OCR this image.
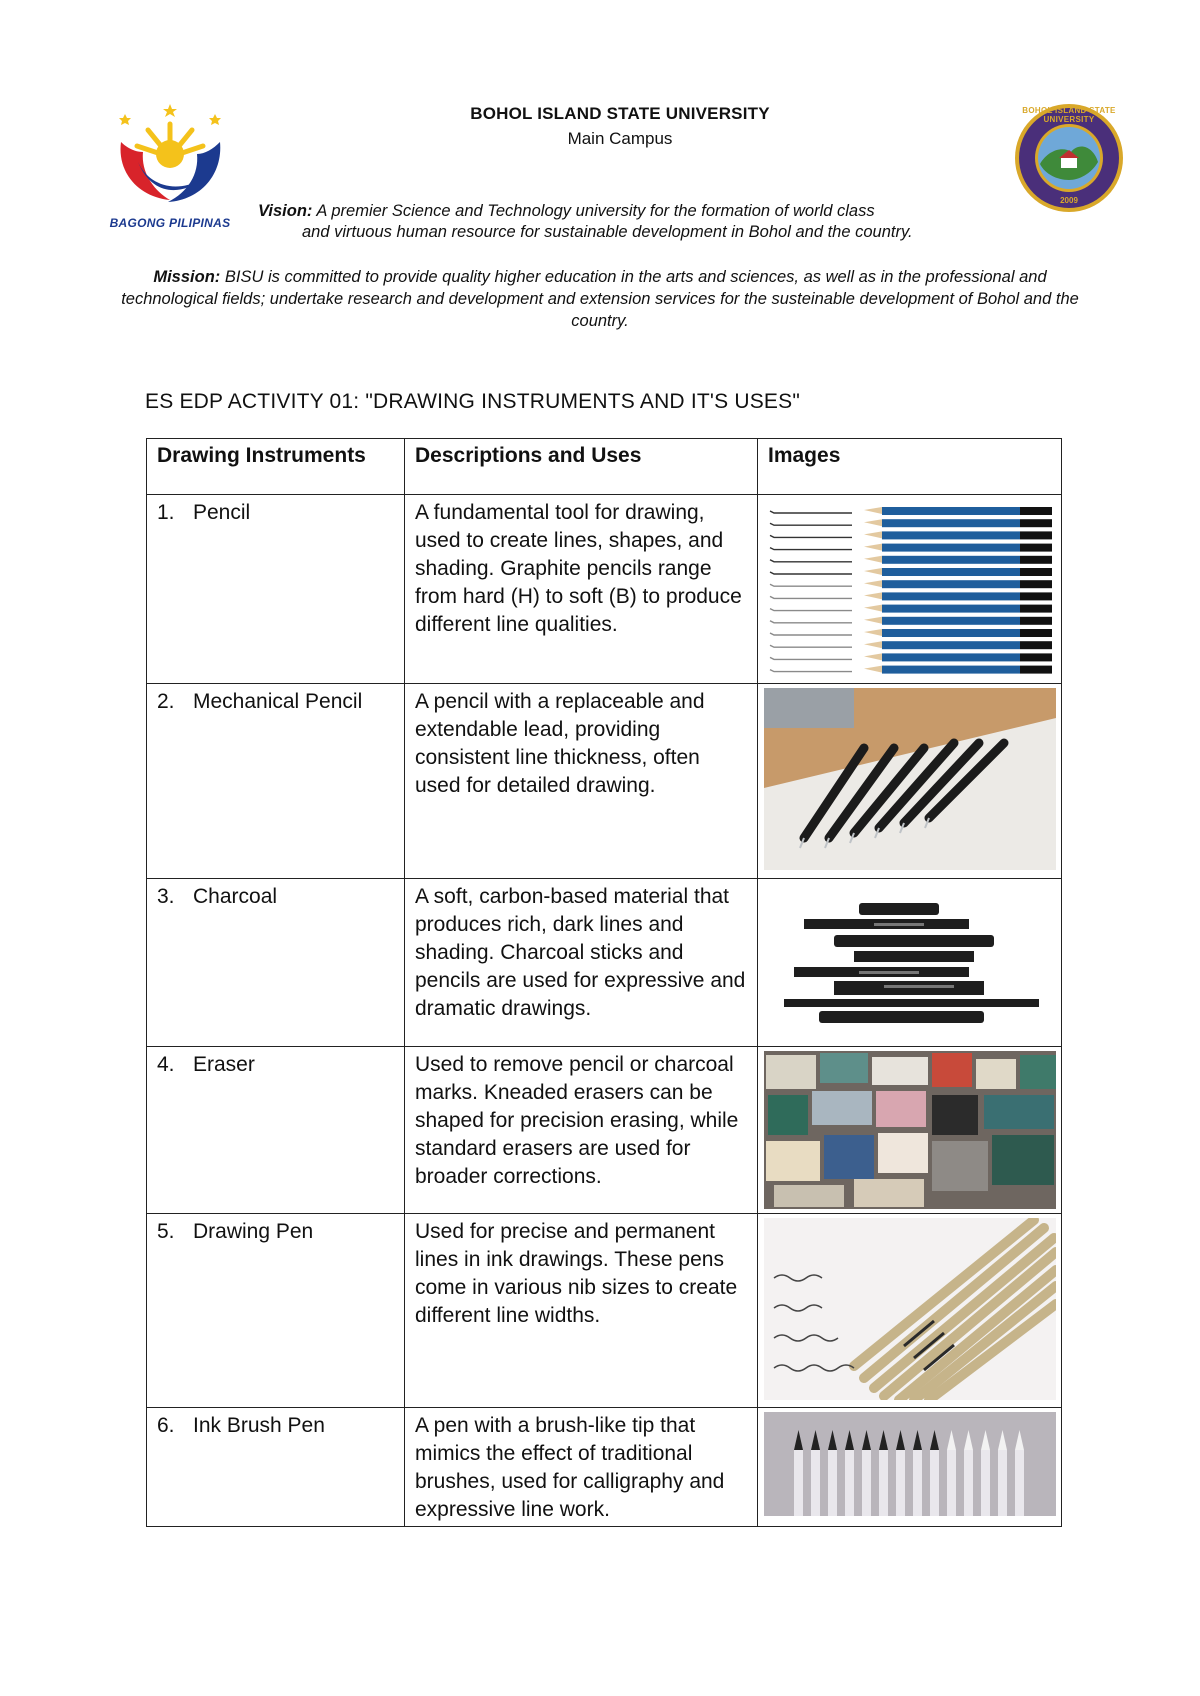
BAGONG PILIPINAS
BOHOL ISLAND STATE UNIVERSITY
Main Campus
BOHOL ISLAND STATE UNIVERSITY
2009
Vision: A premier Science and Technology university for the formation of world class
and virtuous human resource for sustainable development in Bohol and the country.
Mission: BISU is committed to provide quality higher education in the arts and sciences, as well as in the professional and technological fields; undertake research and development and extension services for the susteinable development of Bohol and the country.
ES EDP ACTIVITY 01: "DRAWING INSTRUMENTS AND IT'S USES"
Drawing Instruments	Descriptions and Uses	Images
1. Pencil	A fundamental tool for drawing, used to create lines, shapes, and shading. Graphite pencils range from hard (H) to soft (B) to produce different line qualities.

2. Mechanical Pencil	A pencil with a replaceable and extendable lead, providing consistent line thickness, often used for detailed drawing.

3. Charcoal	A soft, carbon-based material that produces rich, dark lines and shading. Charcoal sticks and pencils are used for expressive and dramatic drawings.

4. Eraser	Used to remove pencil or charcoal marks. Kneaded erasers can be shaped for precision erasing, while standard erasers are used for broader corrections.

5. Drawing Pen	Used for precise and permanent lines in ink drawings. These pens come in various nib sizes to create different line widths.

6. Ink Brush Pen	A pen with a brush-like tip that mimics the effect of traditional brushes, used for calligraphy and expressive line work.
